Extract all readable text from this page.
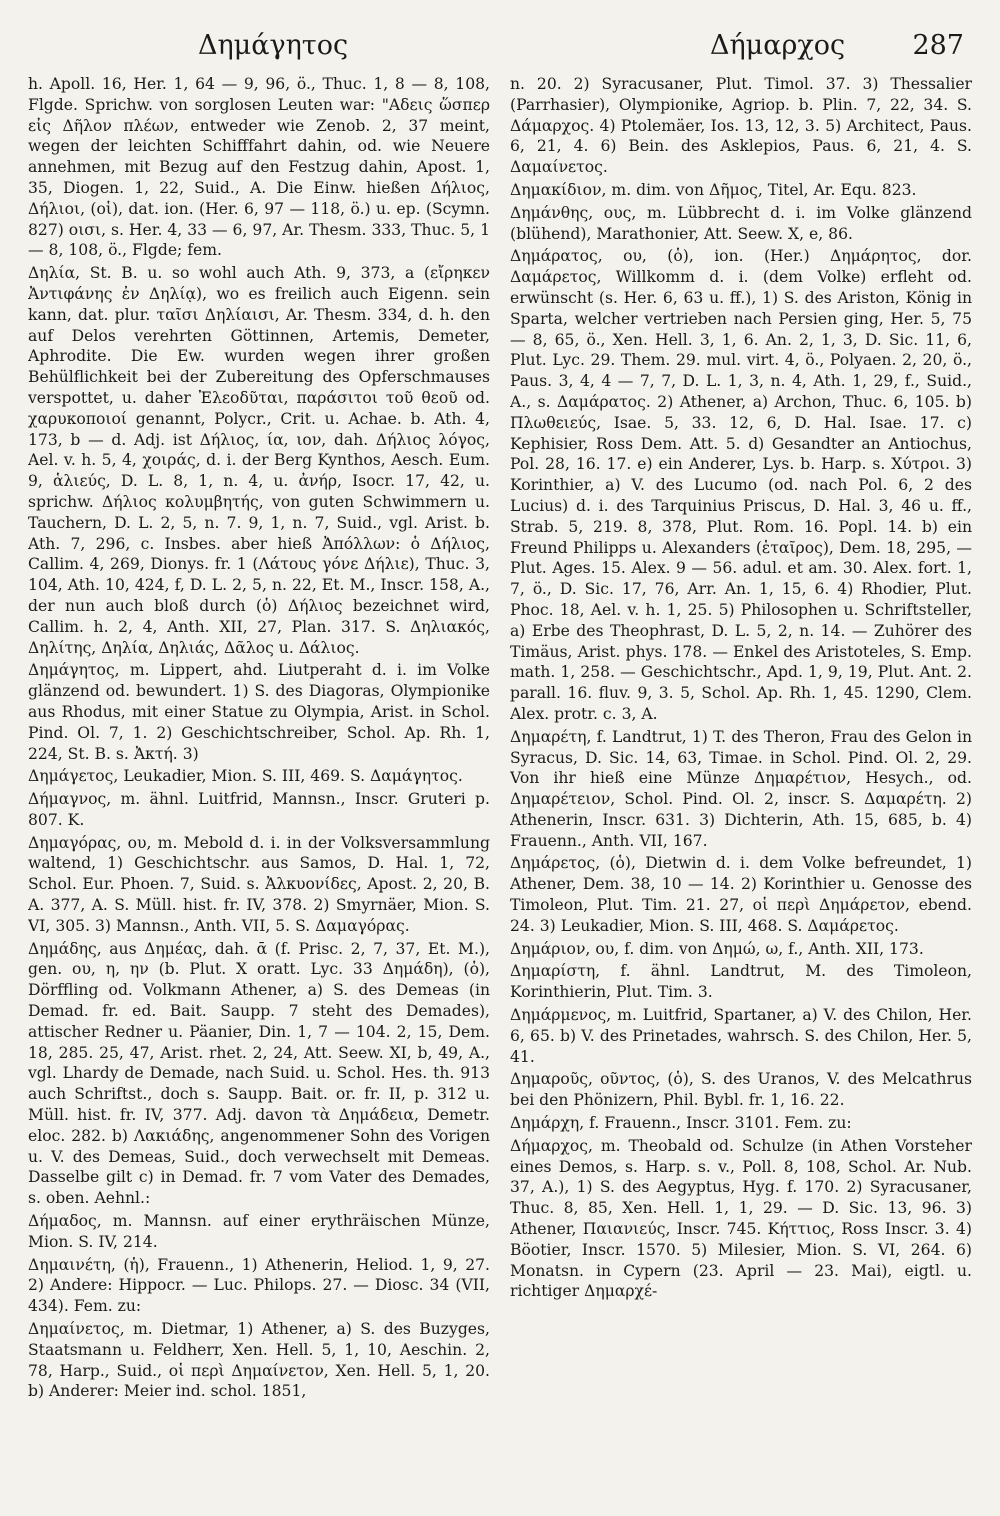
Δημάγητος	Δήμαρχος 287

h. Apoll. 16, Her. 1, 64 — 9, 96, ö., Thuc. 1, 8 — 8, 108, Flgde. Sprichw. von sorglosen Leuten war: "Αδεις ὥσπερ εἰς Δῆλον πλέων, entweder wie Zenob. 2, 37 meint, wegen der leichten Schifffahrt dahin, od. wie Neuere annehmen, mit Bezug auf den Festzug dahin, Apost. 1, 35, Diogen. 1, 22, Suid., A. Die Einw. hießen Δήλιος, Δήλιοι, (οἱ), dat. ion. (Her. 6, 97 — 118, ö.) u. ep. (Scymn. 827) οισι, s. Her. 4, 33 — 6, 97, Ar. Thesm. 333, Thuc. 5, 1 — 8, 108, ö., Flgde; fem.

Δηλία, St. B. u. so wohl auch Ath. 9, 373, a (εἴρηκεν Ἀντιφάνης ἐν Δηλίᾳ), wo es freilich auch Eigenn. sein kann, dat. plur. ταῖσι Δηλίαισι, Ar. Thesm. 334, d. h. den auf Delos verehrten Göttinnen, Artemis, Demeter, Aphrodite. Die Ew. wurden wegen ihrer großen Behülflichkeit bei der Zubereitung des Opferschmauses verspottet, u. daher Ἐλεοδῦται, παράσιτοι τοῦ θεοῦ od. χαρυκοποιοί genannt, Polycr., Crit. u. Achae. b. Ath. 4, 173, b — d. Adj. ist Δήλιος, ία, ιον, dah. Δήλιος λόγος, Ael. v. h. 5, 4, χοιράς, d. i. der Berg Kynthos, Aesch. Eum. 9, ἁλιεύς, D. L. 8, 1, n. 4, u. ἀνήρ, Isocr. 17, 42, u. sprichw. Δήλιος κολυμβητής, von guten Schwimmern u. Tauchern, D. L. 2, 5, n. 7. 9, 1, n. 7, Suid., vgl. Arist. b. Ath. 7, 296, c. Insbes. aber hieß Ἀπόλλων: ὁ Δήλιος, Callim. 4, 269, Dionys. fr. 1 (Λάτους γόνε Δήλιε), Thuc. 3, 104, Ath. 10, 424, f, D. L. 2, 5, n. 22, Et. M., Inscr. 158, A., der nun auch bloß durch (ὁ) Δήλιος bezeichnet wird, Callim. h. 2, 4, Anth. XII, 27, Plan. 317. S. Δηλιακός, Δηλίτης, Δηλία, Δηλιάς, Δᾶλος u. Δάλιος.

Δημάγητος, m. Lippert, ahd. Liutperaht d. i. im Volke glänzend od. bewundert. 1) S. des Diagoras, Olympionike aus Rhodus, mit einer Statue zu Olympia, Arist. in Schol. Pind. Ol. 7, 1. 2) Geschichtschreiber, Schol. Ap. Rh. 1, 224, St. B. s. Ἀκτή. 3)

Δημάγετος, Leukadier, Mion. S. III, 469. S. Δαμάγητος.

Δήμαγνος, m. ähnl. Luitfrid, Mannsn., Inscr. Gruteri p. 807. K.

Δημαγόρας, ου, m. Mebold d. i. in der Volksversammlung waltend, 1) Geschichtschr. aus Samos, D. Hal. 1, 72, Schol. Eur. Phoen. 7, Suid. s. Ἀλκυονίδες, Apost. 2, 20, B. A. 377, A. S. Müll. hist. fr. IV, 378. 2) Smyrnäer, Mion. S. VI, 305. 3) Mannsn., Anth. VII, 5. S. Δαμαγόρας.

Δημάδης, aus Δημέας, dah. ᾱ (f. Prisc. 2, 7, 37, Et. M.), gen. ου, η, ην (b. Plut. X oratt. Lyc. 33 Δημάδη), (ὁ), Dörffling od. Volkmann Athener, a) S. des Demeas (in Demad. fr. ed. Bait. Saupp. 7 steht des Demades), attischer Redner u. Päanier, Din. 1, 7 — 104. 2, 15, Dem. 18, 285. 25, 47, Arist. rhet. 2, 24, Att. Seew. XI, b, 49, A., vgl. Lhardy de Demade, nach Suid. u. Schol. Hes. th. 913 auch Schriftst., doch s. Saupp. Bait. or. fr. II, p. 312 u. Müll. hist. fr. IV, 377. Adj. davon τὰ Δημάδεια, Demetr. eloc. 282. b) Λακιάδης, angenommener Sohn des Vorigen u. V. des Demeas, Suid., doch verwechselt mit Demeas. Dasselbe gilt c) in Demad. fr. 7 vom Vater des Demades, s. oben. Aehnl.:

Δήμαδος, m. Mannsn. auf einer erythräischen Münze, Mion. S. IV, 214.

Δημαινέτη, (ἡ), Frauenn., 1) Athenerin, Heliod. 1, 9, 27. 2) Andere: Hippocr. — Luc. Philops. 27. — Diosc. 34 (VII, 434). Fem. zu:

Δημαίνετος, m. Dietmar, 1) Athener, a) S. des Buzyges, Staatsmann u. Feldherr, Xen. Hell. 5, 1, 10, Aeschin. 2, 78, Harp., Suid., οἱ περὶ Δημαίνετον, Xen. Hell. 5, 1, 20. b) Anderer: Meier ind. schol. 1851,

n. 20. 2) Syracusaner, Plut. Timol. 37. 3) Thessalier (Parrhasier), Olympionike, Agriop. b. Plin. 7, 22, 34. S. Δάμαρχος. 4) Ptolemäer, Ios. 13, 12, 3. 5) Architect, Paus. 6, 21, 4. 6) Bein. des Asklepios, Paus. 6, 21, 4. S. Δαμαίνετος.

Δημακίδιον, m. dim. von Δῆμος, Titel, Ar. Equ. 823.

Δημάνθης, ους, m. Lübbrecht d. i. im Volke glänzend (blühend), Marathonier, Att. Seew. X, e, 86.

Δημάρατος, ου, (ὁ), ion. (Her.) Δημάρητος, dor. Δαμάρετος, Willkomm d. i. (dem Volke) erfleht od. erwünscht (s. Her. 6, 63 u. ff.), 1) S. des Ariston, König in Sparta, welcher vertrieben nach Persien ging, Her. 5, 75 — 8, 65, ö., Xen. Hell. 3, 1, 6. An. 2, 1, 3, D. Sic. 11, 6, Plut. Lyc. 29. Them. 29. mul. virt. 4, ö., Polyaen. 2, 20, ö., Paus. 3, 4, 4 — 7, 7, D. L. 1, 3, n. 4, Ath. 1, 29, f., Suid., A., s. Δαμάρατος. 2) Athener, a) Archon, Thuc. 6, 105. b) Πλωθειεύς, Isae. 5, 33. 12, 6, D. Hal. Isae. 17. c) Kephisier, Ross Dem. Att. 5. d) Gesandter an Antiochus, Pol. 28, 16. 17. e) ein Anderer, Lys. b. Harp. s. Χύτροι. 3) Korinthier, a) V. des Lucumo (od. nach Pol. 6, 2 des Lucius) d. i. des Tarquinius Priscus, D. Hal. 3, 46 u. ff., Strab. 5, 219. 8, 378, Plut. Rom. 16. Popl. 14. b) ein Freund Philipps u. Alexanders (ἑταῖρος), Dem. 18, 295, — Plut. Ages. 15. Alex. 9 — 56. adul. et am. 30. Alex. fort. 1, 7, ö., D. Sic. 17, 76, Arr. An. 1, 15, 6. 4) Rhodier, Plut. Phoc. 18, Ael. v. h. 1, 25. 5) Philosophen u. Schriftsteller, a) Erbe des Theophrast, D. L. 5, 2, n. 14. — Zuhörer des Timäus, Arist. phys. 178. — Enkel des Aristoteles, S. Emp. math. 1, 258. — Geschichtschr., Apd. 1, 9, 19, Plut. Ant. 2. parall. 16. fluv. 9, 3. 5, Schol. Ap. Rh. 1, 45. 1290, Clem. Alex. protr. c. 3, A.

Δημαρέτη, f. Landtrut, 1) T. des Theron, Frau des Gelon in Syracus, D. Sic. 14, 63, Timae. in Schol. Pind. Ol. 2, 29. Von ihr hieß eine Münze Δημαρέτιον, Hesych., od. Δημαρέτειον, Schol. Pind. Ol. 2, inscr. S. Δαμαρέτη. 2) Athenerin, Inscr. 631. 3) Dichterin, Ath. 15, 685, b. 4) Frauenn., Anth. VII, 167.

Δημάρετος, (ὁ), Dietwin d. i. dem Volke befreundet, 1) Athener, Dem. 38, 10 — 14. 2) Korinthier u. Genosse des Timoleon, Plut. Tim. 21. 27, οἱ περὶ Δημάρετον, ebend. 24. 3) Leukadier, Mion. S. III, 468. S. Δαμάρετος.

Δημάριον, ου, f. dim. von Δημώ, ω, f., Anth. XII, 173.

Δημαρίστη, f. ähnl. Landtrut, M. des Timoleon, Korinthierin, Plut. Tim. 3.

Δημάρμενος, m. Luitfrid, Spartaner, a) V. des Chilon, Her. 6, 65. b) V. des Prinetades, wahrsch. S. des Chilon, Her. 5, 41.

Δημαροῦς, οῦντος, (ὁ), S. des Uranos, V. des Melcathrus bei den Phönizern, Phil. Bybl. fr. 1, 16. 22.

Δημάρχη, f. Frauenn., Inscr. 3101. Fem. zu:

Δήμαρχος, m. Theobald od. Schulze (in Athen Vorsteher eines Demos, s. Harp. s. v., Poll. 8, 108, Schol. Ar. Nub. 37, A.), 1) S. des Aegyptus, Hyg. f. 170. 2) Syracusaner, Thuc. 8, 85, Xen. Hell. 1, 1, 29. — D. Sic. 13, 96. 3) Athener, Παιανιεύς, Inscr. 745. Κήττιος, Ross Inscr. 3. 4) Böotier, Inscr. 1570. 5) Milesier, Mion. S. VI, 264. 6) Monatsn. in Cypern (23. April — 23. Mai), eigtl. u. richtiger Δημαρχέ-
